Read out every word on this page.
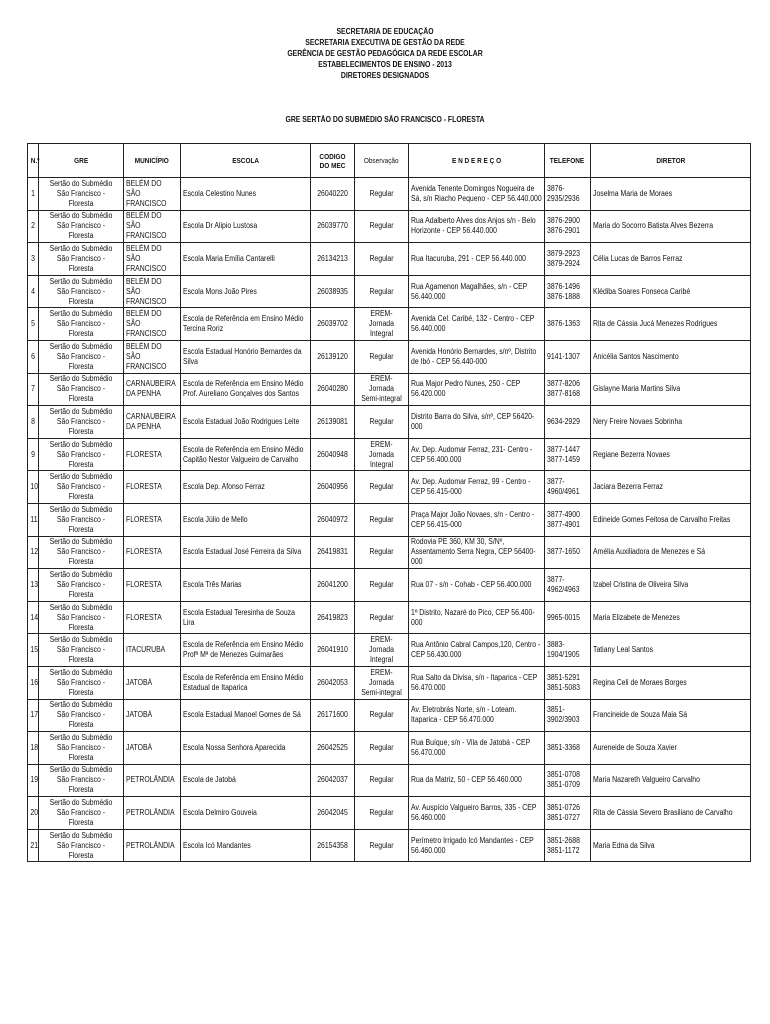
SECRETARIA DE EDUCAÇÃO
SECRETARIA EXECUTIVA DE GESTÃO DA REDE
GERÊNCIA DE GESTÃO PEDAGÓGICA DA REDE ESCOLAR
ESTABELECIMENTOS DE ENSINO - 2013
DIRETORES DESIGNADOS
GRE SERTÃO DO SUBMÉDIO SÃO FRANCISCO - FLORESTA
N.º	GRE	MUNICÍPIO	ESCOLA	CODIGO DO MEC	Observação	E N D E R E Ç O	TELEFONE	DIRETOR

1	Sertão do Submédio São Francisco - Floresta	BELÉM DO SÃO FRANCISCO	Escola Celestino Nunes	26040220	Regular	Avenida Tenente Domingos Nogueira de Sá, s/n Riacho Pequeno - CEP 56.440.000	3876-2935/2936	Joselma Maria de Moraes

2	Sertão do Submédio São Francisco - Floresta	BELÉM DO SÃO FRANCISCO	Escola Dr Alipio Lustosa	26039770	Regular	Rua Adalberto Alves dos Anjos s/n - Belo Horizonte - CEP 56.440.000	3876-2900 3876-2901	Maria do Socorro Batista Alves Bezerra

3	Sertão do Submédio São Francisco - Floresta	BELÉM DO SÃO FRANCISCO	Escola Maria Emília Cantarelli	26134213	Regular	Rua Itacuruba, 291 - CEP 56.440.000	3879-2923 3879-2924	Célia Lucas de Barros Ferraz

4	Sertão do Submédio São Francisco - Floresta	BELÉM DO SÃO FRANCISCO	Escola Mons João Pires	26038935	Regular	Rua Agamenon Magalhães, s/n - CEP 56.440.000	3876-1496 3876-1888	Klédiba Soares Fonseca Caribé

5	Sertão do Submédio São Francisco - Floresta	BELÉM DO SÃO FRANCISCO	Escola de Referência em Ensino Médio Tercina Roriz	26039702	EREM-Jornada Integral	Avenida Cel. Caribé, 132 - Centro - CEP 56.440.000	3876-1363	Rita de Cássia Jucá Menezes Rodrigues

6	Sertão do Submédio São Francisco - Floresta	BELÉM DO SÃO FRANCISCO	Escola Estadual Honório Bernardes da Silva	26139120	Regular	Avenida Honório Bernardes, s/nº, Distrito de Ibó - CEP 56.440-000	9141-1307	Anicélia Santos Nascimento

7	Sertão do Submédio São Francisco - Floresta	CARNAUBEIRA DA PENHA	Escola de Referência em Ensino Médio Prof. Aureliano Gonçalves dos Santos	26040280	EREM-Jornada Semi-integral	Rua Major Pedro Nunes, 250 - CEP 56.420.000	3877-8206 3877-8168	Gislayne Maria Martins Silva

8	Sertão do Submédio São Francisco - Floresta	CARNAUBEIRA DA PENHA	Escola Estadual João Rodrigues Leite	26139081	Regular	Distrito Barra do Silva, s/nº, CEP 56420-000	9634-2929	Nery Freire Novaes Sobrinha

9	Sertão do Submédio São Francisco - Floresta	FLORESTA	Escola de Referência em Ensino Médio Capitão Nestor Valgueiro de Carvalho	26040948	EREM-Jornada Integral	Av. Dep. Audomar Ferraz, 231- Centro - CEP 56.400.000	3877-1447 3877-1459	Regiane Bezerra Novaes

10	Sertão do Submédio São Francisco - Floresta	FLORESTA	Escola Dep. Afonso Ferraz	26040956	Regular	Av. Dep. Audomar Ferraz, 99 - Centro - CEP 56.415-000	3877-4960/4961	Jaciara Bezerra Ferraz

11	Sertão do Submédio São Francisco - Floresta	FLORESTA	Escola Júlio de Mello	26040972	Regular	Praça Major João Novaes, s/n - Centro - CEP 56.415-000	3877-4900 3877-4901	Edineide Gomes Feitosa de Carvalho Freitas

12	Sertão do Submédio São Francisco - Floresta	FLORESTA	Escola Estadual José Ferreira da Silva	26419831	Regular	Rodovia PE 360, KM 30, S/Nº, Assentamento Serra Negra, CEP 56400-000	3877-1650	Amélia Auxiliadora de Menezes e Sá

13	Sertão do Submédio São Francisco - Floresta	FLORESTA	Escola Três Marias	26041200	Regular	Rua 07 - s/n - Cohab - CEP 56.400.000	3877-4962/4963	Izabel Cristina de Oliveira Silva

14	Sertão do Submédio São Francisco - Floresta	FLORESTA	Escola Estadual Teresinha de Souza Lira	26419823	Regular	1º Distrito, Nazaré do Pico, CEP 56.400-000	9965-0015	Maria Elizabete de Menezes

15	Sertão do Submédio São Francisco - Floresta	ITACURUBA	Escola de Referência em Ensino Médio Profª Mª de Menezes Guimarães	26041910	EREM-Jornada Integral	Rua Antônio Cabral Campos,120, Centro - CEP 56.430.000	3883-1904/1905	Tatiany Leal Santos

16	Sertão do Submédio São Francisco - Floresta	JATOBÁ	Escola de Referência em Ensino Médio Estadual de Itaparica	26042053	EREM-Jornada Semi-integral	Rua Salto da Divisa, s/n - Itaparica - CEP 56.470.000	3851-5291 3851-5083	Regina Celi de Moraes Borges

17	Sertão do Submédio São Francisco - Floresta	JATOBÁ	Escola Estadual Manoel Gomes de Sá	26171600	Regular	Av. Eletrobrás Norte, s/n - Loteam. Itaparica - CEP 56.470.000	3851-3902/3903	Francineide de Souza Maia Sá

18	Sertão do Submédio São Francisco - Floresta	JATOBÁ	Escola Nossa Senhora Aparecida	26042525	Regular	Rua Buíque, s/n - Vila de Jatobá - CEP 56.470.000	3851-3368	Aureneide de Souza Xavier

19	Sertão do Submédio São Francisco - Floresta	PETROLÂNDIA	Escola de Jatobá	26042037	Regular	Rua da Matriz, 50 - CEP 56.460.000	3851-0708 3851-0709	Maria Nazareth Valgueiro Carvalho

20	Sertão do Submédio São Francisco - Floresta	PETROLÂNDIA	Escola Delmiro Gouveia	26042045	Regular	Av. Auspício Valgueiro Barros, 335 - CEP 56.460.000	3851-0726 3851-0727	Rita de Cássia Severo Brasiliano de Carvalho

21	Sertão do Submédio São Francisco - Floresta	PETROLÂNDIA	Escola Icó Mandantes	26154358	Regular	Perímetro Irrigado Icó Mandantes - CEP 56.460.000	3851-2688 3851-1172	Maria Edna da Silva
